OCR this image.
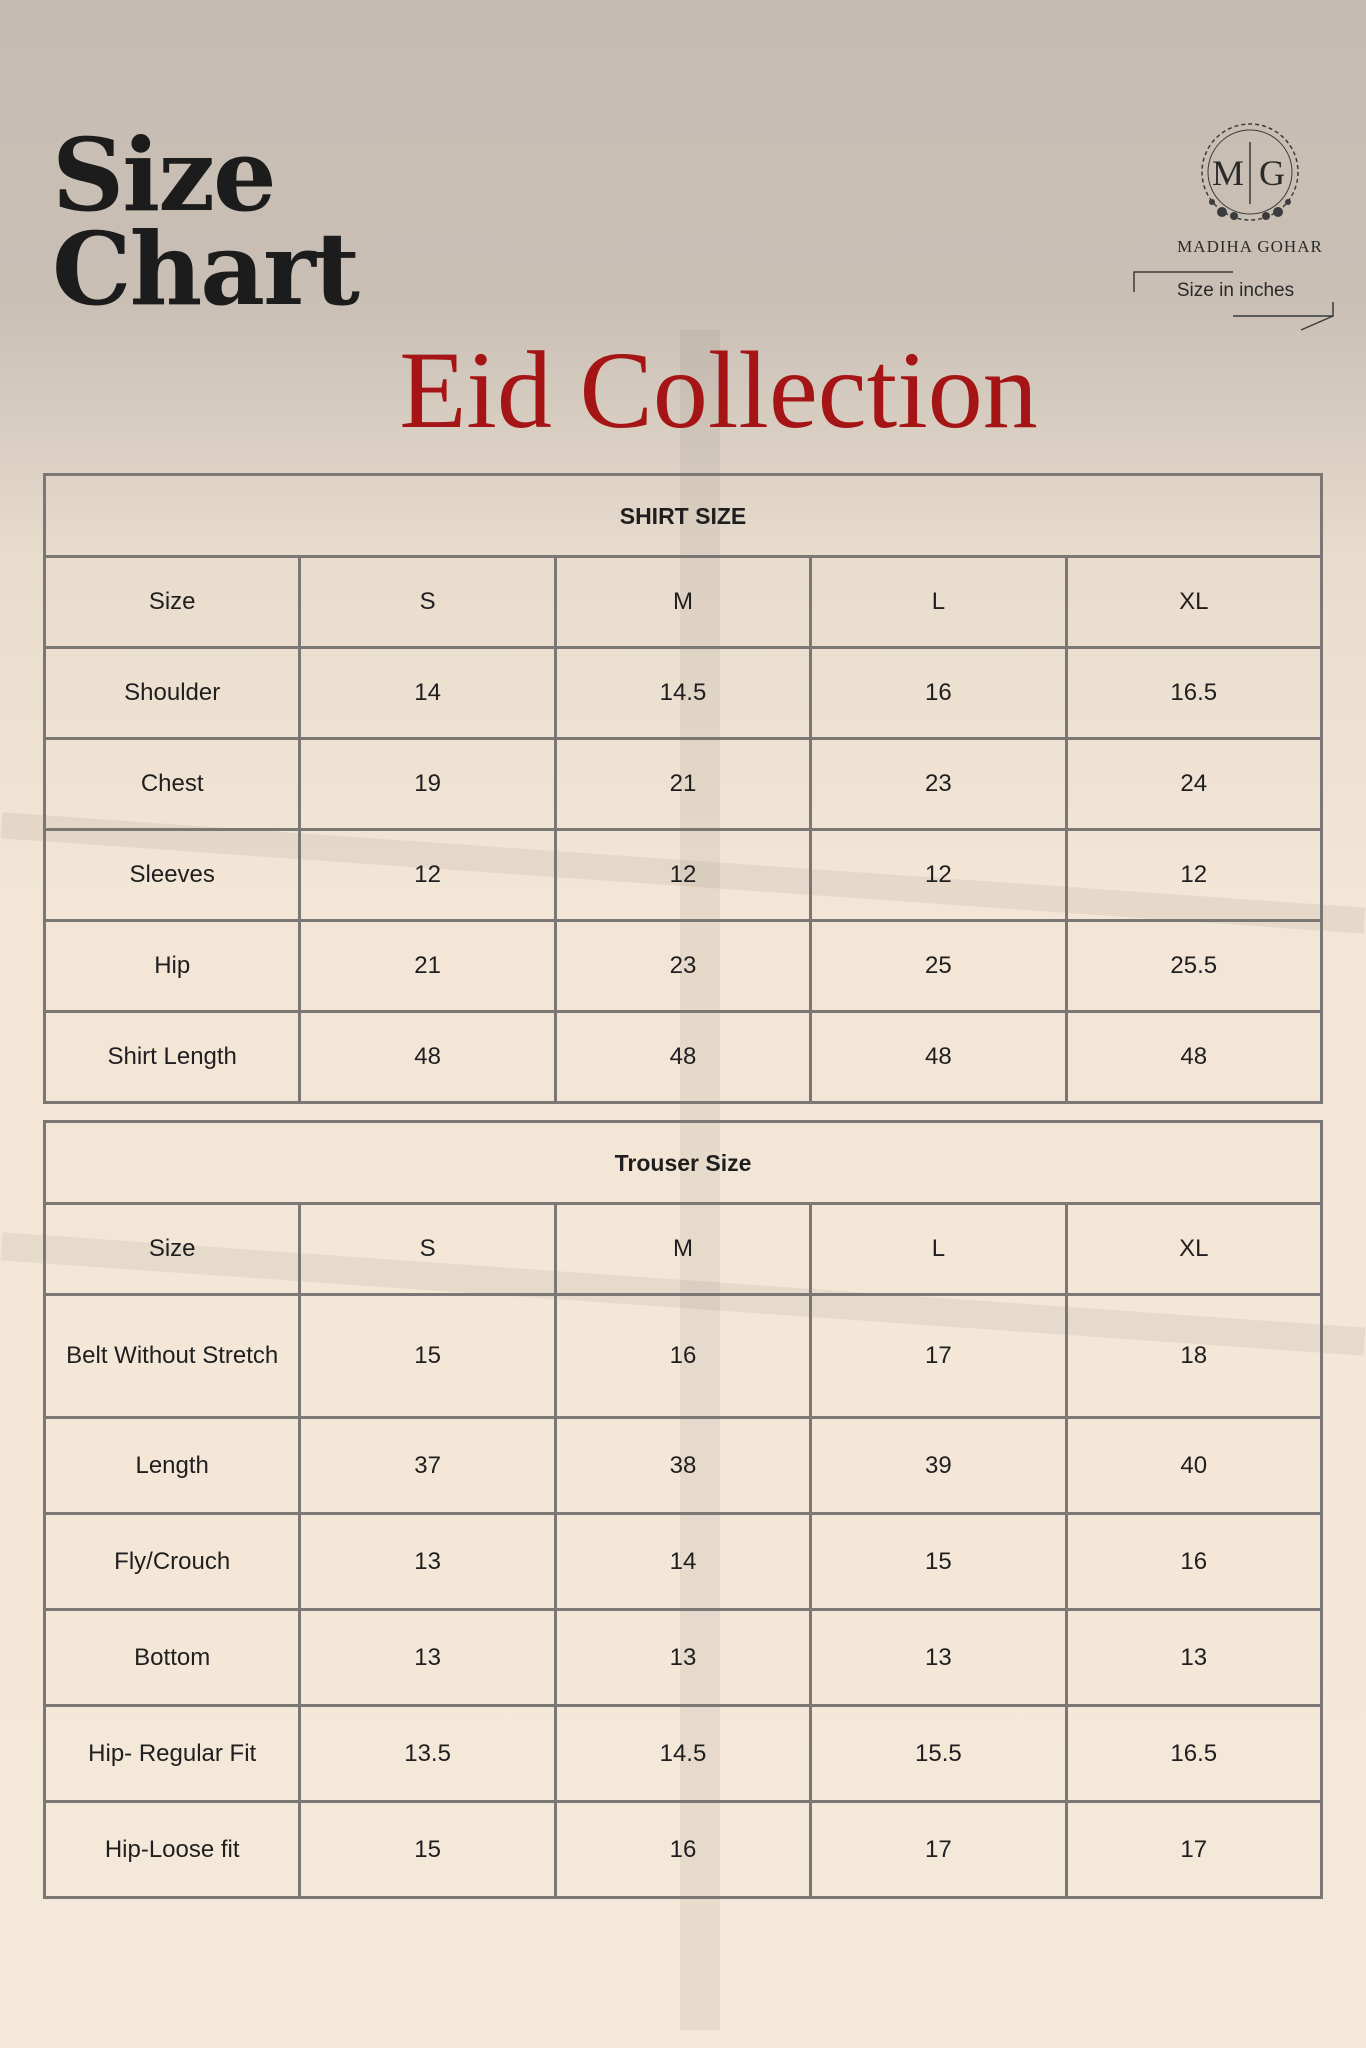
Size
Chart
M G
MADIHA GOHAR
Size in inches
Eid Collection
SHIRT SIZE				
Size	S	M	L	XL
Shoulder	14	14.5	16	16.5
Chest	19	21	23	24
Sleeves	12	12	12	12
Hip	21	23	25	25.5
Shirt Length	48	48	48	48
Trouser Size				
Size	S	M	L	XL
Belt Without Stretch	15	16	17	18
Length	37	38	39	40
Fly/Crouch	13	14	15	16
Bottom	13	13	13	13
Hip- Regular Fit	13.5	14.5	15.5	16.5
Hip-Loose fit	15	16	17	17
